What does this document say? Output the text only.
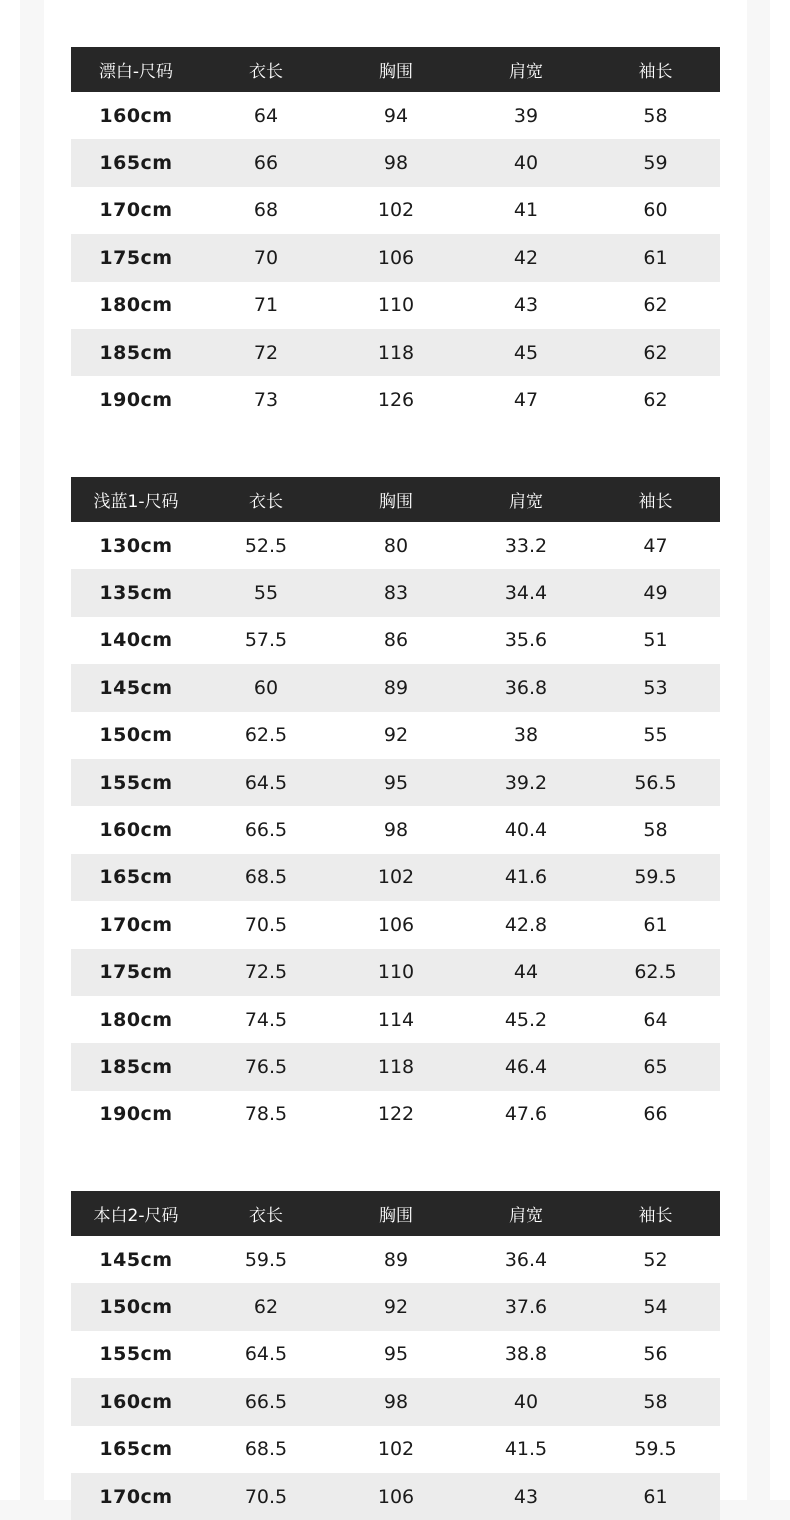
漂白-尺码	衣长	胸围	肩宽	袖长
160cm	64	94	39	58
165cm	66	98	40	59
170cm	68	102	41	60
175cm	70	106	42	61
180cm	71	110	43	62
185cm	72	118	45	62
190cm	73	126	47	62
浅蓝1-尺码	衣长	胸围	肩宽	袖长
130cm	52.5	80	33.2	47
135cm	55	83	34.4	49
140cm	57.5	86	35.6	51
145cm	60	89	36.8	53
150cm	62.5	92	38	55
155cm	64.5	95	39.2	56.5
160cm	66.5	98	40.4	58
165cm	68.5	102	41.6	59.5
170cm	70.5	106	42.8	61
175cm	72.5	110	44	62.5
180cm	74.5	114	45.2	64
185cm	76.5	118	46.4	65
190cm	78.5	122	47.6	66
本白2-尺码	衣长	胸围	肩宽	袖长
145cm	59.5	89	36.4	52
150cm	62	92	37.6	54
155cm	64.5	95	38.8	56
160cm	66.5	98	40	58
165cm	68.5	102	41.5	59.5
170cm	70.5	106	43	61
